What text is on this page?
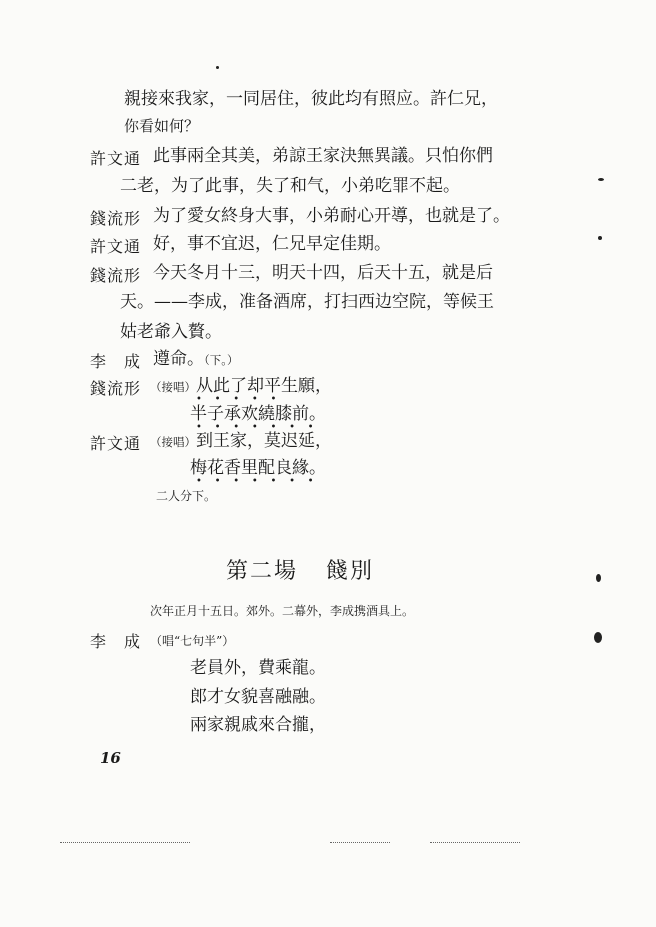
親接來我家，一同居住，彼此均有照应。許仁兄，
你看如何？
許文通 此事兩全其美，弟諒王家決無異議。只怕你們
二老，为了此事，失了和气，小弟吃罪不起。
錢流形 为了愛女終身大事，小弟耐心开導，也就是了。
許文通 好，事不宜迟，仁兄早定佳期。
錢流形 今天冬月十三，明天十四，后天十五，就是后
天。——李成，准备酒席，打扫西边空院，等候王
姑老爺入贅。
李　成 遵命。（下。）
錢流形 （接唱）从此了却平生願，
•    •    •    •    •
半子承欢繞膝前。
•    •    •    •    •    •    •
許文通 （接唱）到王家，莫迟延，
梅花香里配良緣。
•    •    •    •    •    •    •
二人分下。
第二場 餞別
次年正月十五日。郊外。二幕外，李成携酒具上。
李　成 （唱“七句半”）
老員外，費乘龍。
郎才女貌喜融融。
兩家親戚來合攏，
16
